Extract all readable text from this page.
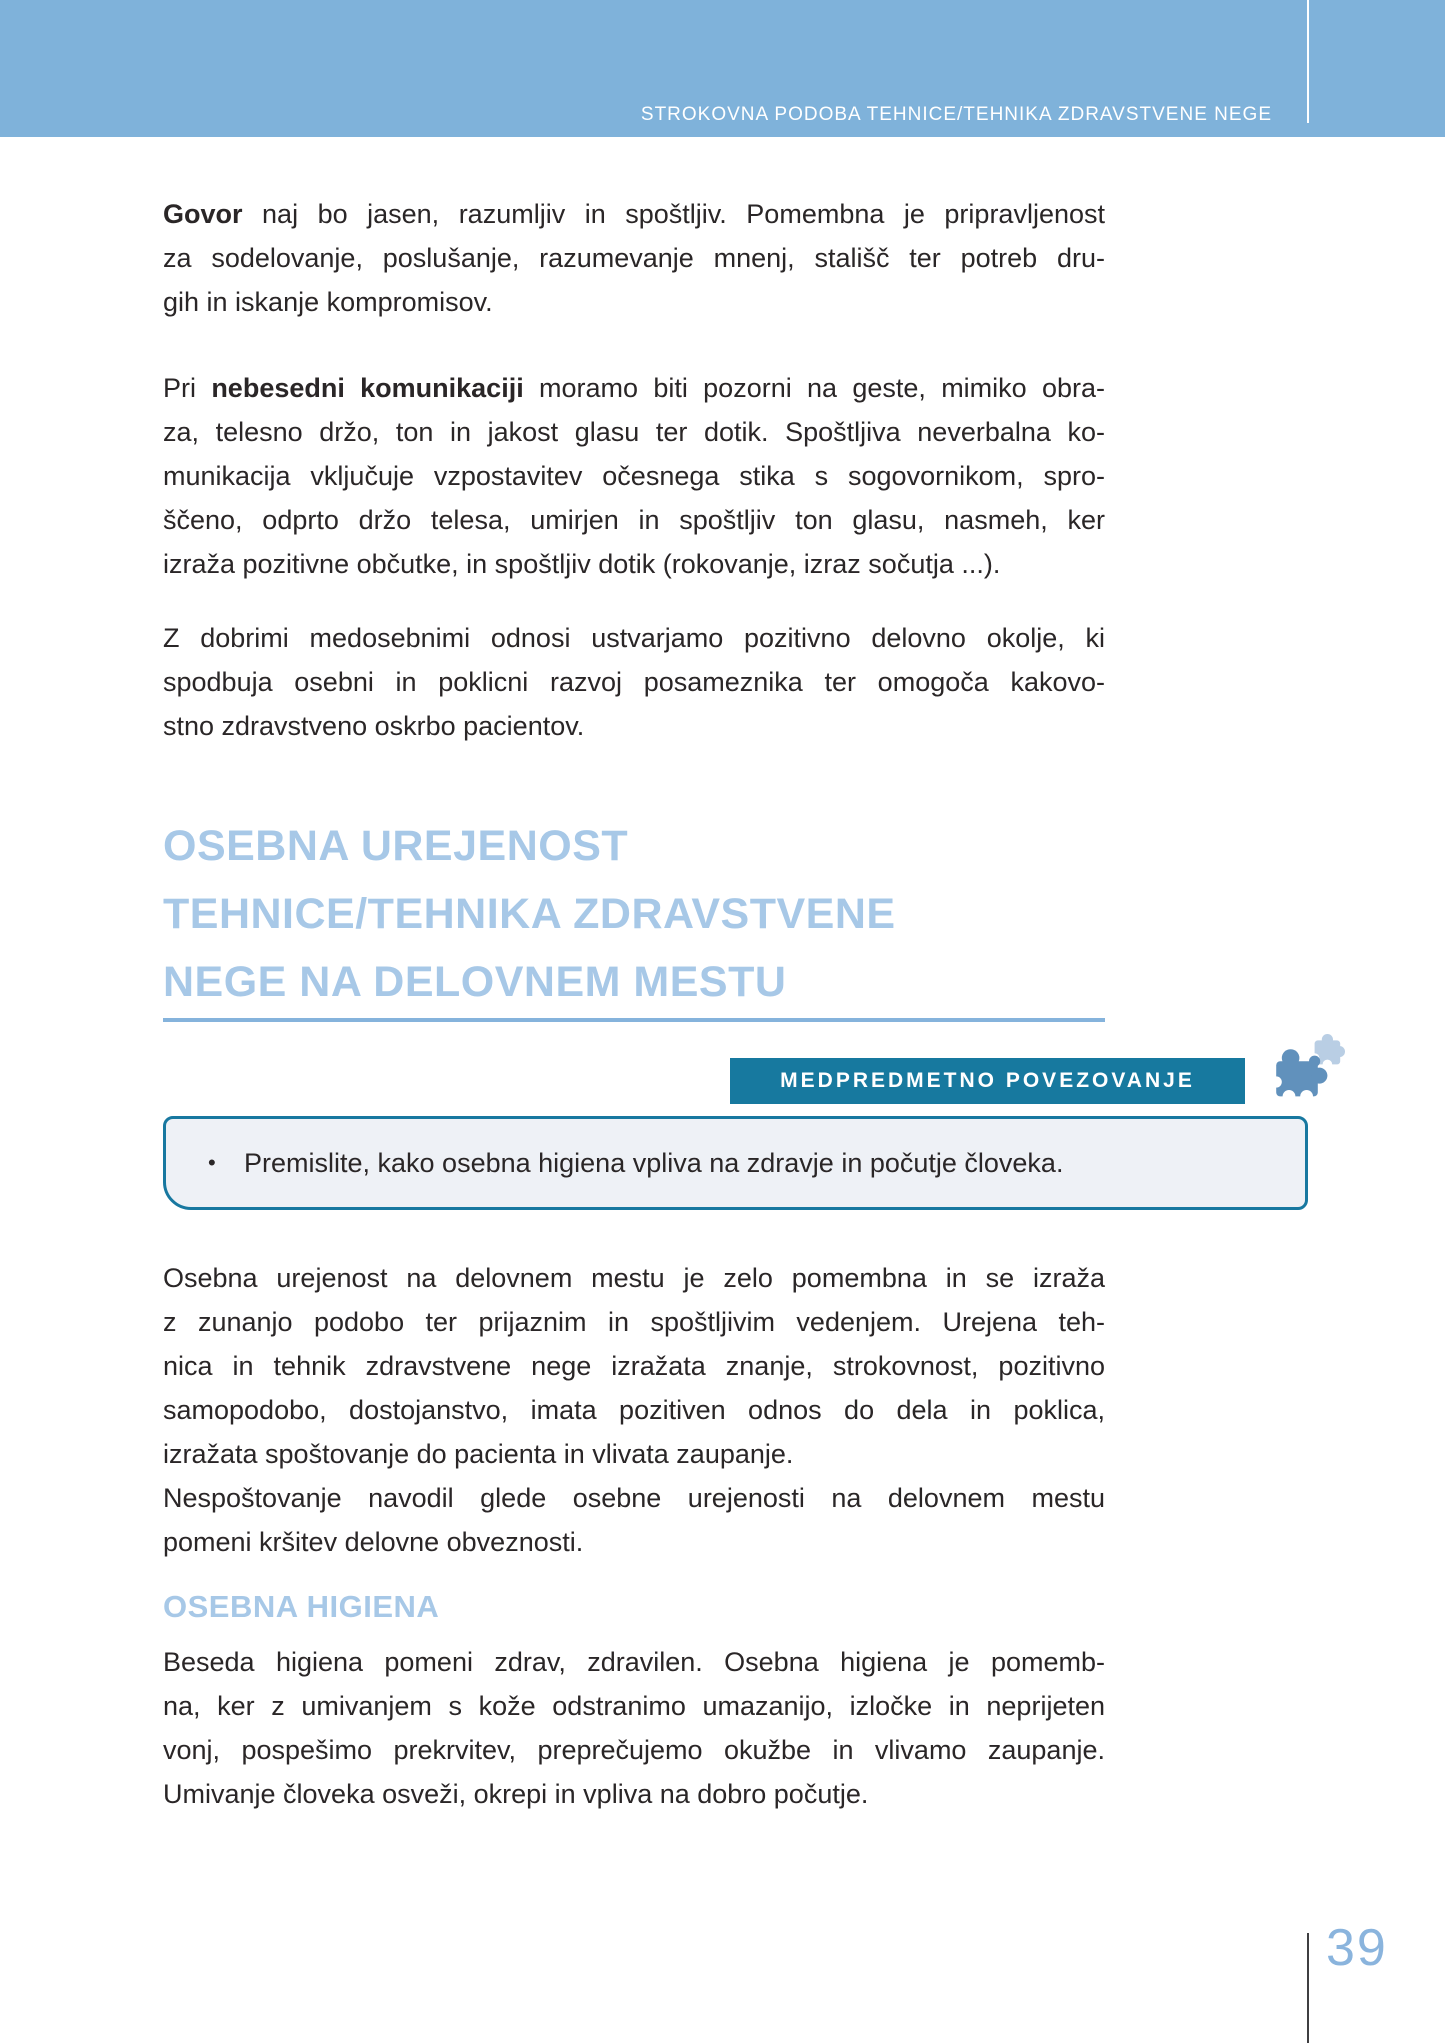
STROKOVNA PODOBA TEHNICE/TEHNIKA ZDRAVSTVENE NEGE
Govor naj bo jasen, razumljiv in spoštljiv. Pomembna je pripravljenost
za sodelovanje, poslušanje, razumevanje mnenj, stališč ter potreb dru-
gih in iskanje kompromisov.
Pri nebesedni komunikaciji moramo biti pozorni na geste, mimiko obra-
za, telesno držo, ton in jakost glasu ter dotik. Spoštljiva neverbalna ko-
munikacija vključuje vzpostavitev očesnega stika s sogovornikom, spro-
ščeno, odprto držo telesa, umirjen in spoštljiv ton glasu, nasmeh, ker
izraža pozitivne občutke, in spoštljiv dotik (rokovanje, izraz sočutja ...).
Z dobrimi medosebnimi odnosi ustvarjamo pozitivno delovno okolje, ki
spodbuja osebni in poklicni razvoj posameznika ter omogoča kakovo-
stno zdravstveno oskrbo pacientov.
OSEBNA UREJENOST
TEHNICE/TEHNIKA ZDRAVSTVENE
NEGE NA DELOVNEM MESTU
MEDPREDMETNO POVEZOVANJE
•	Premislite, kako osebna higiena vpliva na zdravje in počutje človeka.
Osebna urejenost na delovnem mestu je zelo pomembna in se izraža
z zunanjo podobo ter prijaznim in spoštljivim vedenjem. Urejena teh-
nica in tehnik zdravstvene nege izražata znanje, strokovnost, pozitivno
samopodobo, dostojanstvo, imata pozitiven odnos do dela in poklica,
izražata spoštovanje do pacienta in vlivata zaupanje.
Nespoštovanje navodil glede osebne urejenosti na delovnem mestu
pomeni kršitev delovne obveznosti.
OSEBNA HIGIENA
Beseda higiena pomeni zdrav, zdravilen. Osebna higiena je pomemb-
na, ker z umivanjem s kože odstranimo umazanijo, izločke in neprijeten
vonj, pospešimo prekrvitev, preprečujemo okužbe in vlivamo zaupanje.
Umivanje človeka osveži, okrepi in vpliva na dobro počutje.
39
